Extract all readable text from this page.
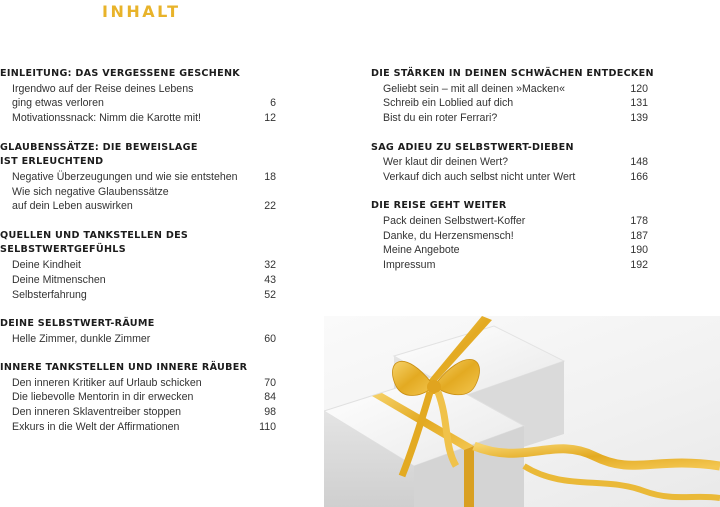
INHALT
EINLEITUNG: DAS VERGESSENE GESCHENK
Irgendwo auf der Reise deines Lebens
ging etwas verloren	6
Motivationssnack: Nimm die Karotte mit!	12
GLAUBENSSÄTZE: DIE BEWEISLAGE
IST ERLEUCHTEND
Negative Überzeugungen und wie sie entstehen	18
Wie sich negative Glaubenssätze
auf dein Leben auswirken	22
QUELLEN UND TANKSTELLEN DES
SELBSTWERTGEFÜHLS
Deine Kindheit	32
Deine Mitmenschen	43
Selbsterfahrung	52
DEINE SELBSTWERT-RÄUME
Helle Zimmer, dunkle Zimmer	60
INNERE TANKSTELLEN UND INNERE RÄUBER
Den inneren Kritiker auf Urlaub schicken	70
Die liebevolle Mentorin in dir erwecken	84
Den inneren Sklaventreiber stoppen	98
Exkurs in die Welt der Affirmationen	110
DIE STÄRKEN IN DEINEN SCHWÄCHEN ENTDECKEN
Geliebt sein – mit all deinen »Macken«	120
Schreib ein Loblied auf dich	131
Bist du ein roter Ferrari?	139
SAG ADIEU ZU SELBSTWERT-DIEBEN
Wer klaut dir deinen Wert?	148
Verkauf dich auch selbst nicht unter Wert	166
DIE REISE GEHT WEITER
Pack deinen Selbstwert-Koffer	178
Danke, du Herzensmensch!	187
Meine Angebote	190
Impressum	192
